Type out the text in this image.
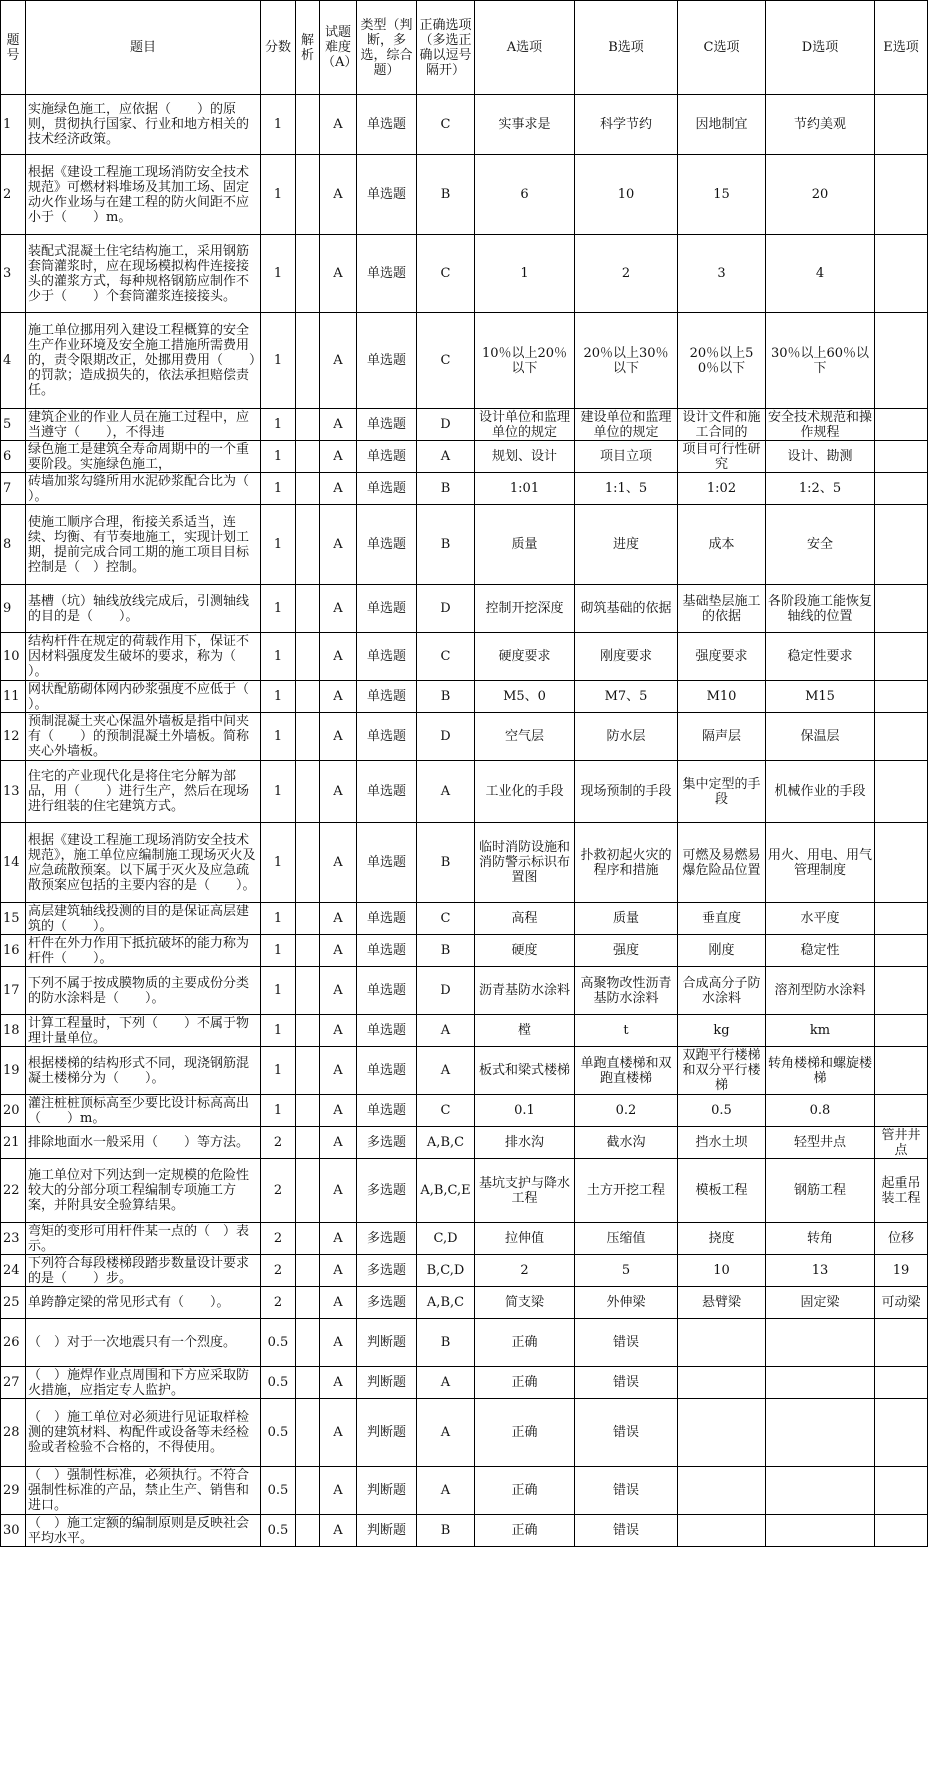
题号	题目	分数	解析	试题难度（A）	类型（判断，多选，综合题）	正确选项（多选正确以逗号隔开）	A选项	B选项	C选项	D选项	E选项
1	实施绿色施工，应依据（　　）的原则，贯彻执行国家、行业和地方相关的技术经济政策。	1		A	单选题	C	实事求是	科学节约	因地制宜	节约美观	
2	根据《建设工程施工现场消防安全技术规范》可燃材料堆场及其加工场、固定动火作业场与在建工程的防火间距不应小于（　　）m。	1		A	单选题	B	6	10	15	20	
3	装配式混凝土住宅结构施工，采用钢筋套筒灌浆时，应在现场模拟构件连接接头的灌浆方式，每种规格钢筋应制作不少于（　　）个套筒灌浆连接接头。	1		A	单选题	C	1	2	3	4	
4	施工单位挪用列入建设工程概算的安全生产作业环境及安全施工措施所需费用的，责令限期改正，处挪用费用（　　）的罚款；造成损失的，依法承担赔偿责任。	1		A	单选题	C	10％以上20％以下	20％以上30％以下	20％以上50％以下	30％以上60％以下	
5	建筑企业的作业人员在施工过程中，应当遵守（　　），不得违	1		A	单选题	D	设计单位和监理单位的规定	建设单位和监理单位的规定	设计文件和施工合同的	安全技术规范和操作规程	
6	绿色施工是建筑全寿命周期中的一个重要阶段。实施绿色施工，	1		A	单选题	A	规划、设计	项目立项	项目可行性研究	设计、勘测	
7	砖墙加浆勾缝所用水泥砂浆配合比为（　　）。	1		A	单选题	B	1:01	1:1、5	1:02	1:2、5	
8	使施工顺序合理，衔接关系适当，连续、均衡、有节奏地施工，实现计划工期，提前完成合同工期的施工项目目标控制是（　）控制。	1		A	单选题	B	质量	进度	成本	安全	
9	基槽（坑）轴线放线完成后，引测轴线的目的是（　　）。	1		A	单选题	D	控制开挖深度	砌筑基础的依据	基础垫层施工的依据	各阶段施工能恢复轴线的位置	
10	结构杆件在规定的荷载作用下，保证不因材料强度发生破坏的要求，称为（　　）。	1		A	单选题	C	硬度要求	刚度要求	强度要求	稳定性要求	
11	网状配筋砌体网内砂浆强度不应低于（　　）。	1		A	单选题	B	M5、0	M7、5	M10	M15	
12	预制混凝土夹心保温外墙板是指中间夹有（　　）的预制混凝土外墙板。简称夹心外墙板。	1		A	单选题	D	空气层	防水层	隔声层	保温层	
13	住宅的产业现代化是将住宅分解为部品，用（　　）进行生产，然后在现场进行组装的住宅建筑方式。	1		A	单选题	A	工业化的手段	现场预制的手段	集中定型的手段	机械作业的手段	
14	根据《建设工程施工现场消防安全技术规范》，施工单位应编制施工现场灭火及应急疏散预案。以下属于灭火及应急疏散预案应包括的主要内容的是（　　）。	1		A	单选题	B	临时消防设施和消防警示标识布置图	扑救初起火灾的程序和措施	可燃及易燃易爆危险品位置	用火、用电、用气管理制度	
15	高层建筑轴线投测的目的是保证高层建筑的（　　）。	1		A	单选题	C	高程	质量	垂直度	水平度	
16	杆件在外力作用下抵抗破坏的能力称为杆件（　　）。	1		A	单选题	B	硬度	强度	刚度	稳定性	
17	下列不属于按成膜物质的主要成份分类的防水涂料是（　　）。	1		A	单选题	D	沥青基防水涂料	高聚物改性沥青基防水涂料	合成高分子防水涂料	溶剂型防水涂料	
18	计算工程量时，下列（　　）不属于物理计量单位。	1		A	单选题	A	樘	t	kg	km	
19	根据楼梯的结构形式不同，现浇钢筋混凝土楼梯分为（　　）。	1		A	单选题	A	板式和梁式楼梯	单跑直楼梯和双跑直楼梯	双跑平行楼梯和双分平行楼梯	转角楼梯和螺旋楼梯	
20	灌注桩桩顶标高至少要比设计标高高出（　　）m。	1		A	单选题	C	0.1	0.2	0.5	0.8	
21	排除地面水一般采用（　　）等方法。	2		A	多选题	A,B,C	排水沟	截水沟	挡水土坝	轻型井点	管井井点
22	施工单位对下列达到一定规模的危险性较大的分部分项工程编制专项施工方案，并附具安全验算结果。	2		A	多选题	A,B,C,E	基坑支护与降水工程	土方开挖工程	模板工程	钢筋工程	起重吊装工程
23	弯矩的变形可用杆件某一点的（　）表示。	2		A	多选题	C,D	拉伸值	压缩值	挠度	转角	位移
24	下列符合每段楼梯段踏步数量设计要求的是（　　）步。	2		A	多选题	B,C,D	2	5	10	13	19
25	单跨静定梁的常见形式有（　　）。	2		A	多选题	A,B,C	简支梁	外伸梁	悬臂梁	固定梁	可动梁
26	（　）对于一次地震只有一个烈度。	0.5		A	判断题	B	正确	错误			
27	（　）施焊作业点周围和下方应采取防火措施，应指定专人监护。	0.5		A	判断题	A	正确	错误			
28	（　）施工单位对必须进行见证取样检测的建筑材料、构配件或设备等未经检验或者检验不合格的，不得使用。	0.5		A	判断题	A	正确	错误			
29	（　）强制性标准，必须执行。不符合强制性标准的产品，禁止生产、销售和进口。	0.5		A	判断题	A	正确	错误			
30	（　）施工定额的编制原则是反映社会平均水平。	0.5		A	判断题	B	正确	错误			
